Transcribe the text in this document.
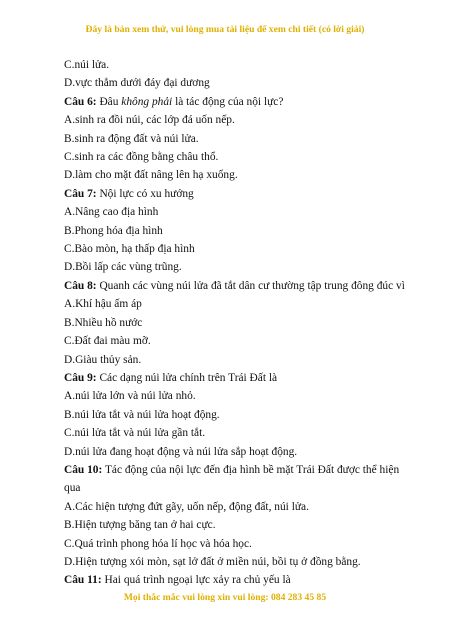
Đây là bản xem thử, vui lòng mua tài liệu để xem chi tiết (có lời giải)
C.núi lửa.
D.vực thẳm dưới đáy đại dương
Câu 6: Đâu không phải là tác động của nội lực?
A.sinh ra đồi núi, các lớp đá uốn nếp.
B.sinh ra động đất và núi lửa.
C.sinh ra các đồng bằng châu thổ.
D.làm cho mặt đất nâng lên hạ xuống.
Câu 7: Nội lực có xu hướng
A.Nâng cao địa hình
B.Phong hóa địa hình
C.Bào mòn, hạ thấp địa hình
D.Bồi lấp các vùng trũng.
Câu 8: Quanh các vùng núi lửa đã tắt dân cư thường tập trung đông đúc vì
A.Khí hậu ấm áp
B.Nhiều hồ nước
C.Đất đai màu mỡ.
D.Giàu thủy sản.
Câu 9: Các dạng núi lửa chính trên Trái Đất là
A.núi lửa lớn và núi lửa nhỏ.
B.núi lửa tắt và núi lửa hoạt động.
C.núi lửa tắt và núi lửa gần tắt.
D.núi lửa đang hoạt động và núi lửa sắp hoạt động.
Câu 10: Tác động của nội lực đến địa hình bề mặt Trái Đất được thể hiện qua
A.Các hiện tượng đứt gãy, uốn nếp, động đất, núi lửa.
B.Hiện tượng băng tan ở hai cực.
C.Quá trình phong hóa lí học và hóa học.
D.Hiện tượng xói mòn, sạt lở đất ở miền núi, bồi tụ ở đồng bằng.
Câu 11: Hai quá trình ngoại lực xảy ra chủ yếu là
Mọi thắc mắc vui lòng xin vui lòng: 084 283 45 85
